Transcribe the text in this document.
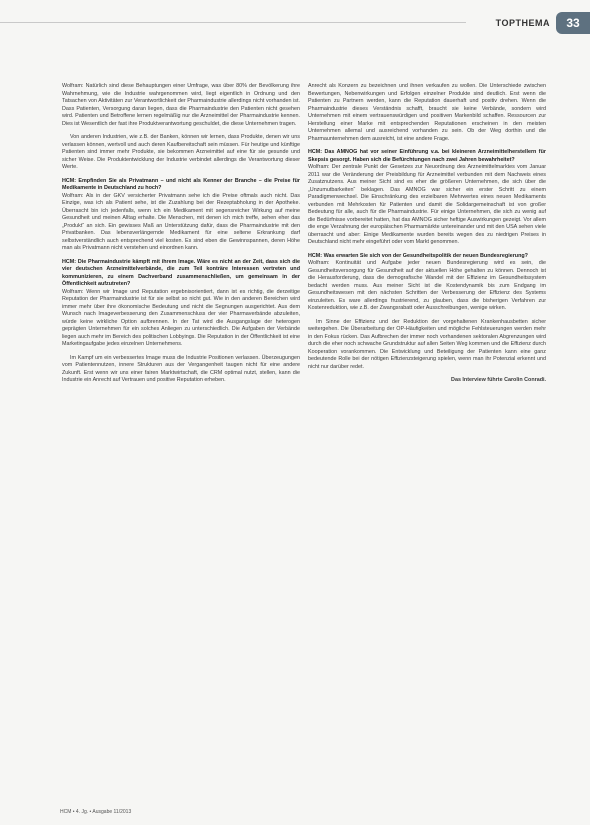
TOPTHEMA	33

Wolfram: Natürlich sind diese Behauptungen einer Umfrage, was über 80% der Bevölkerung ihre Wahrnehmung, wie die Industrie wahrgenommen wird, liegt eigentlich in Ordnung und den Tatsachen von Aktivitäten zur Verantwortlichkeit der Pharmaindustrie allerdings nicht vorhanden ist. Dass Patienten, Versorgung daran liegen, dass die Pharmaindustrie den Patienten nicht gesehen wird. Patienten und Betroffene lernen regelmäßig nur die Arzneimittel der Pharmaindustrie kennen. Dies ist Wesentlich der fast ihre Produktverantwortung geschuldet, die diese Unternehmen tragen.

Von anderen Industrien, wie z.B. der Banken, können wir lernen, dass Produkte, denen wir uns verlassen können, wertvoll und auch deren Kaufbereitschaft sein müssen. Für heutige und künftige Patienten sind immer mehr Produkte, sie bekommen Arzneimittel auf eine für sie gesunde und sicher Weise. Die Produktentwicklung der Industrie verbindet allerdings die Verantwortung dieser Werte.

HCM: Empfinden Sie als Privatmann – und nicht als Kenner der Branche – die Preise für Medikamente in Deutschland zu hoch?

Wolfram: Als in der GKV versicherter Privatmann sehe ich die Preise oftmals auch nicht. Das Einzige, was ich als Patient sehe, ist die Zuzahlung bei der Rezeptabholung in der Apotheke. Überrascht bin ich jedenfalls, wenn ich ein Medikament mit segensreicher Wirkung auf meine Gesundheit und meinen Alltag erhalte. Die Menschen, mit denen ich mich treffe, sehen eher das „Produkt“ an sich. Ein gewisses Maß an Unterstützung dafür, dass die Pharmaindustrie mit den Privatbanken. Das lebensverlängernde Medikament für eine seltene Erkrankung darf selbstverständlich auch entsprechend viel kosten. Es sind eben die Gewinnspannen, deren Höhe man als Privatmann nicht verstehen und einordnen kann.

HCM: Die Pharmaindustrie kämpft mit ihrem Image. Wäre es nicht an der Zeit, dass sich die vier deutschen Arzneimittelverbände, die zum Teil konträre Interessen vertreten und kommunizieren, zu einem Dachverband zusammenschließen, um gemeinsam in der Öffentlichkeit aufzutreten?

Wolfram: Wenn wir Image und Reputation ergebnisorientiert, dann ist es richtig, die derzeitige Reputation der Pharmaindustrie ist für sie selbst so nicht gut. Wie in den anderen Bereichen wird immer mehr über ihre ökonomische Bedeutung und nicht die Segnungen ausgerichtet. Aus dem Wunsch nach Imageverbesserung den Zusammenschluss der vier Pharmaverbände abzuleiten, würde keine wirkliche Option aufbrennen. In der Tat wird die Ausgangslage der heterogen geprägten Unternehmen für ein solches Anliegen zu unterschiedlich. Die Aufgaben der Verbände liegen auch mehr im Bereich des politischen Lobbyings. Die Reputation in der Öffentlichkeit ist eine Marketingaufgabe jedes einzelnen Unternehmens.

Im Kampf um ein verbessertes Image muss die Industrie Positionen verlassen. Überzeugungen vom Patientennutzen, innere Strukturen aus der Vergangenheit taugen nicht für eine andere Zukunft. Erst wenn wir uns einer fairen Marktwirtschaft, die CRM optimal nutzt, stellen, kann die Industrie ein Anrecht auf Vertrauen und positive Reputation erheben.

Anrecht als Konzern zu bezeichnen und ihnen verkaufen zu wollen. Die Unterschiede zwischen Bewertungen, Nebenwirkungen und Erfolgen einzelner Produkte sind deutlich. Erst wenn die Patienten zu Partnern werden, kann die Reputation dauerhaft und positiv drehen. Wenn die Pharmaindustrie dieses Verständnis schafft, braucht sie keine Verbände, sondern wird Unternehmen mit einem vertrauenswürdigen und positiven Markenbild schaffen. Ressourcen zur Herstellung einer Marke mit entsprechenden Reputationen erscheinen in den meisten Unternehmen allemal und ausreichend vorhanden zu sein. Ob der Weg dorthin und die Pharmaunternehmen dem ausreicht, ist eine andere Frage.

HCM: Das AMNOG hat vor seiner Einführung v.a. bei kleineren Arzneimittelherstellern für Skepsis gesorgt. Haben sich die Befürchtungen nach zwei Jahren bewahrheitet?

Wolfram: Der zentrale Punkt der Gesetzes zur Neuordnung des Arzneimittelmarktes vom Januar 2011 war die Veränderung der Preisbildung für Arzneimittel verbunden mit dem Nachweis eines Zusatznutzens. Aus meiner Sicht sind es eher die größeren Unternehmen, die sich über die „Unzumutbarkeiten“ beklagen. Das AMNOG war sicher ein erster Schritt zu einem Paradigmenwechsel. Die Einschränkung des erzielbaren Mehrwertes eines neuen Medikaments verbunden mit Mehrkosten für Patienten und damit die Solidargemeinschaft ist von großer Bedeutung für alle, auch für die Pharmaindustrie. Für einige Unternehmen, die sich zu wenig auf die Bedürfnisse vorbereitet hatten, hat das AMNOG sicher heftige Auswirkungen gezeigt. Vor allem die enge Verzahnung der europäischen Pharmamärkte untereinander und mit den USA sehen viele überrascht und aber: Einige Medikamente wurden bereits wegen des zu niedrigen Preises in Deutschland nicht mehr eingeführt oder vom Markt genommen.

HCM: Was erwarten Sie sich von der Gesundheitspolitik der neuen Bundesregierung?

Wolfram: Kontinuität und Aufgabe jeder neuen Bundesregierung wird es sein, die Gesundheitsversorgung für Gesundheit auf der aktuellen Höhe gehalten zu können. Dennoch ist die Herausforderung, dass die demografische Wandel mit der Effizienz im Gesundheitssystem bedacht werden muss. Aus meiner Sicht ist die Kostendynamik bis zum Endgang im Gesundheitswesen mit den nächsten Schritten der Verbesserung der Effizienz des Systems einzuleiten. Es ware allerdings frustrierend, zu glauben, dass die bisherigen Verfahren zur Kostenreduktion, wie z.B. der Zwangsrabatt oder Ausschreibungen, wenige wirken.

Im Sinne der Effizienz und der Reduktion der vorgehaltenen Krankenhausbetten sicher weitergehen. Die Überarbeitung der OP-Häufigkeiten und mögliche Fehlsteuerungen werden mehr in den Fokus rücken. Das Aufbrechen der immer noch vorhandenen sektoralen Abgrenzungen wird durch die eher noch schwache Grundstruktur auf allen Seiten Weg kommen und die Effizienz durch Kooperation vorankommen. Die Entwicklung und Beteiligung der Patienten kann eine ganz bedeutende Rolle bei der nötigen Effizienzsteigerung spielen, wenn man ihr Potenzial erkennt und nicht nur darüber redet.

Das Interview führte Carolin Conradi.

HCM • 4. Jg. • Ausgabe 11/2013
